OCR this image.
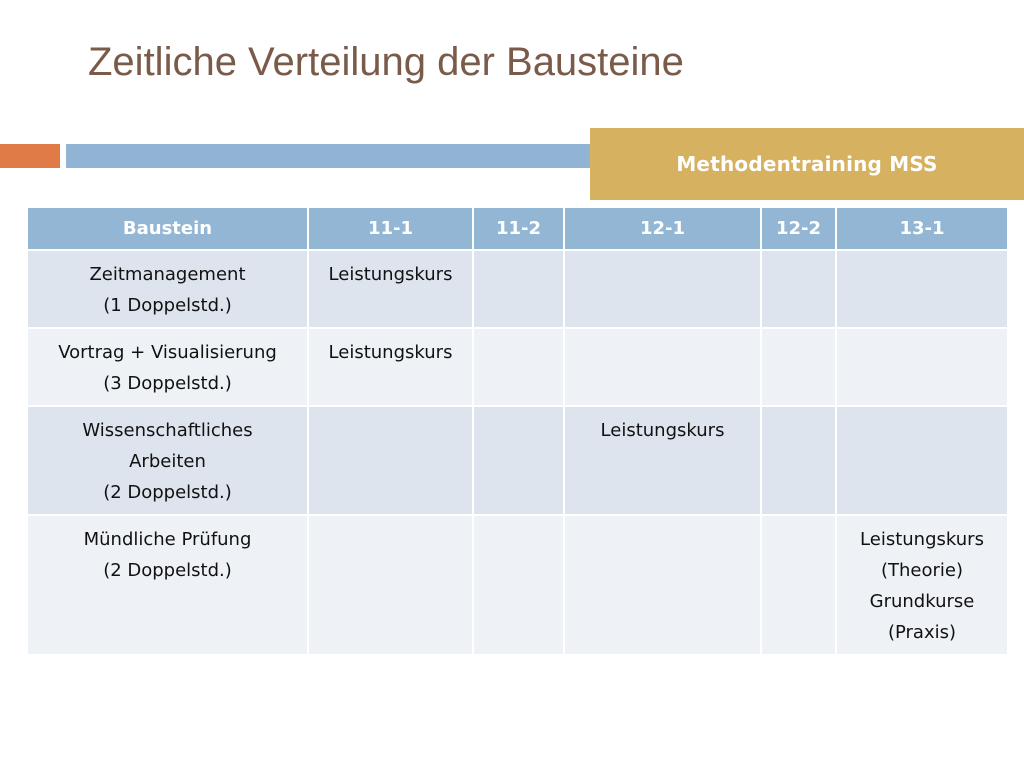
Zeitliche Verteilung der Bausteine
Methodentraining MSS
Baustein	11-1	11-2	12-1	12-2	13-1

Zeitmanagement
(1 Doppelstd.)	Leistungskurs				

Vortrag + Visualisierung
(3 Doppelstd.)	Leistungskurs				

Wissenschaftliches
Arbeiten
(2 Doppelstd.)			Leistungskurs		

Mündliche Prüfung
(2 Doppelstd.)					Leistungskurs
(Theorie)
Grundkurse
(Praxis)
